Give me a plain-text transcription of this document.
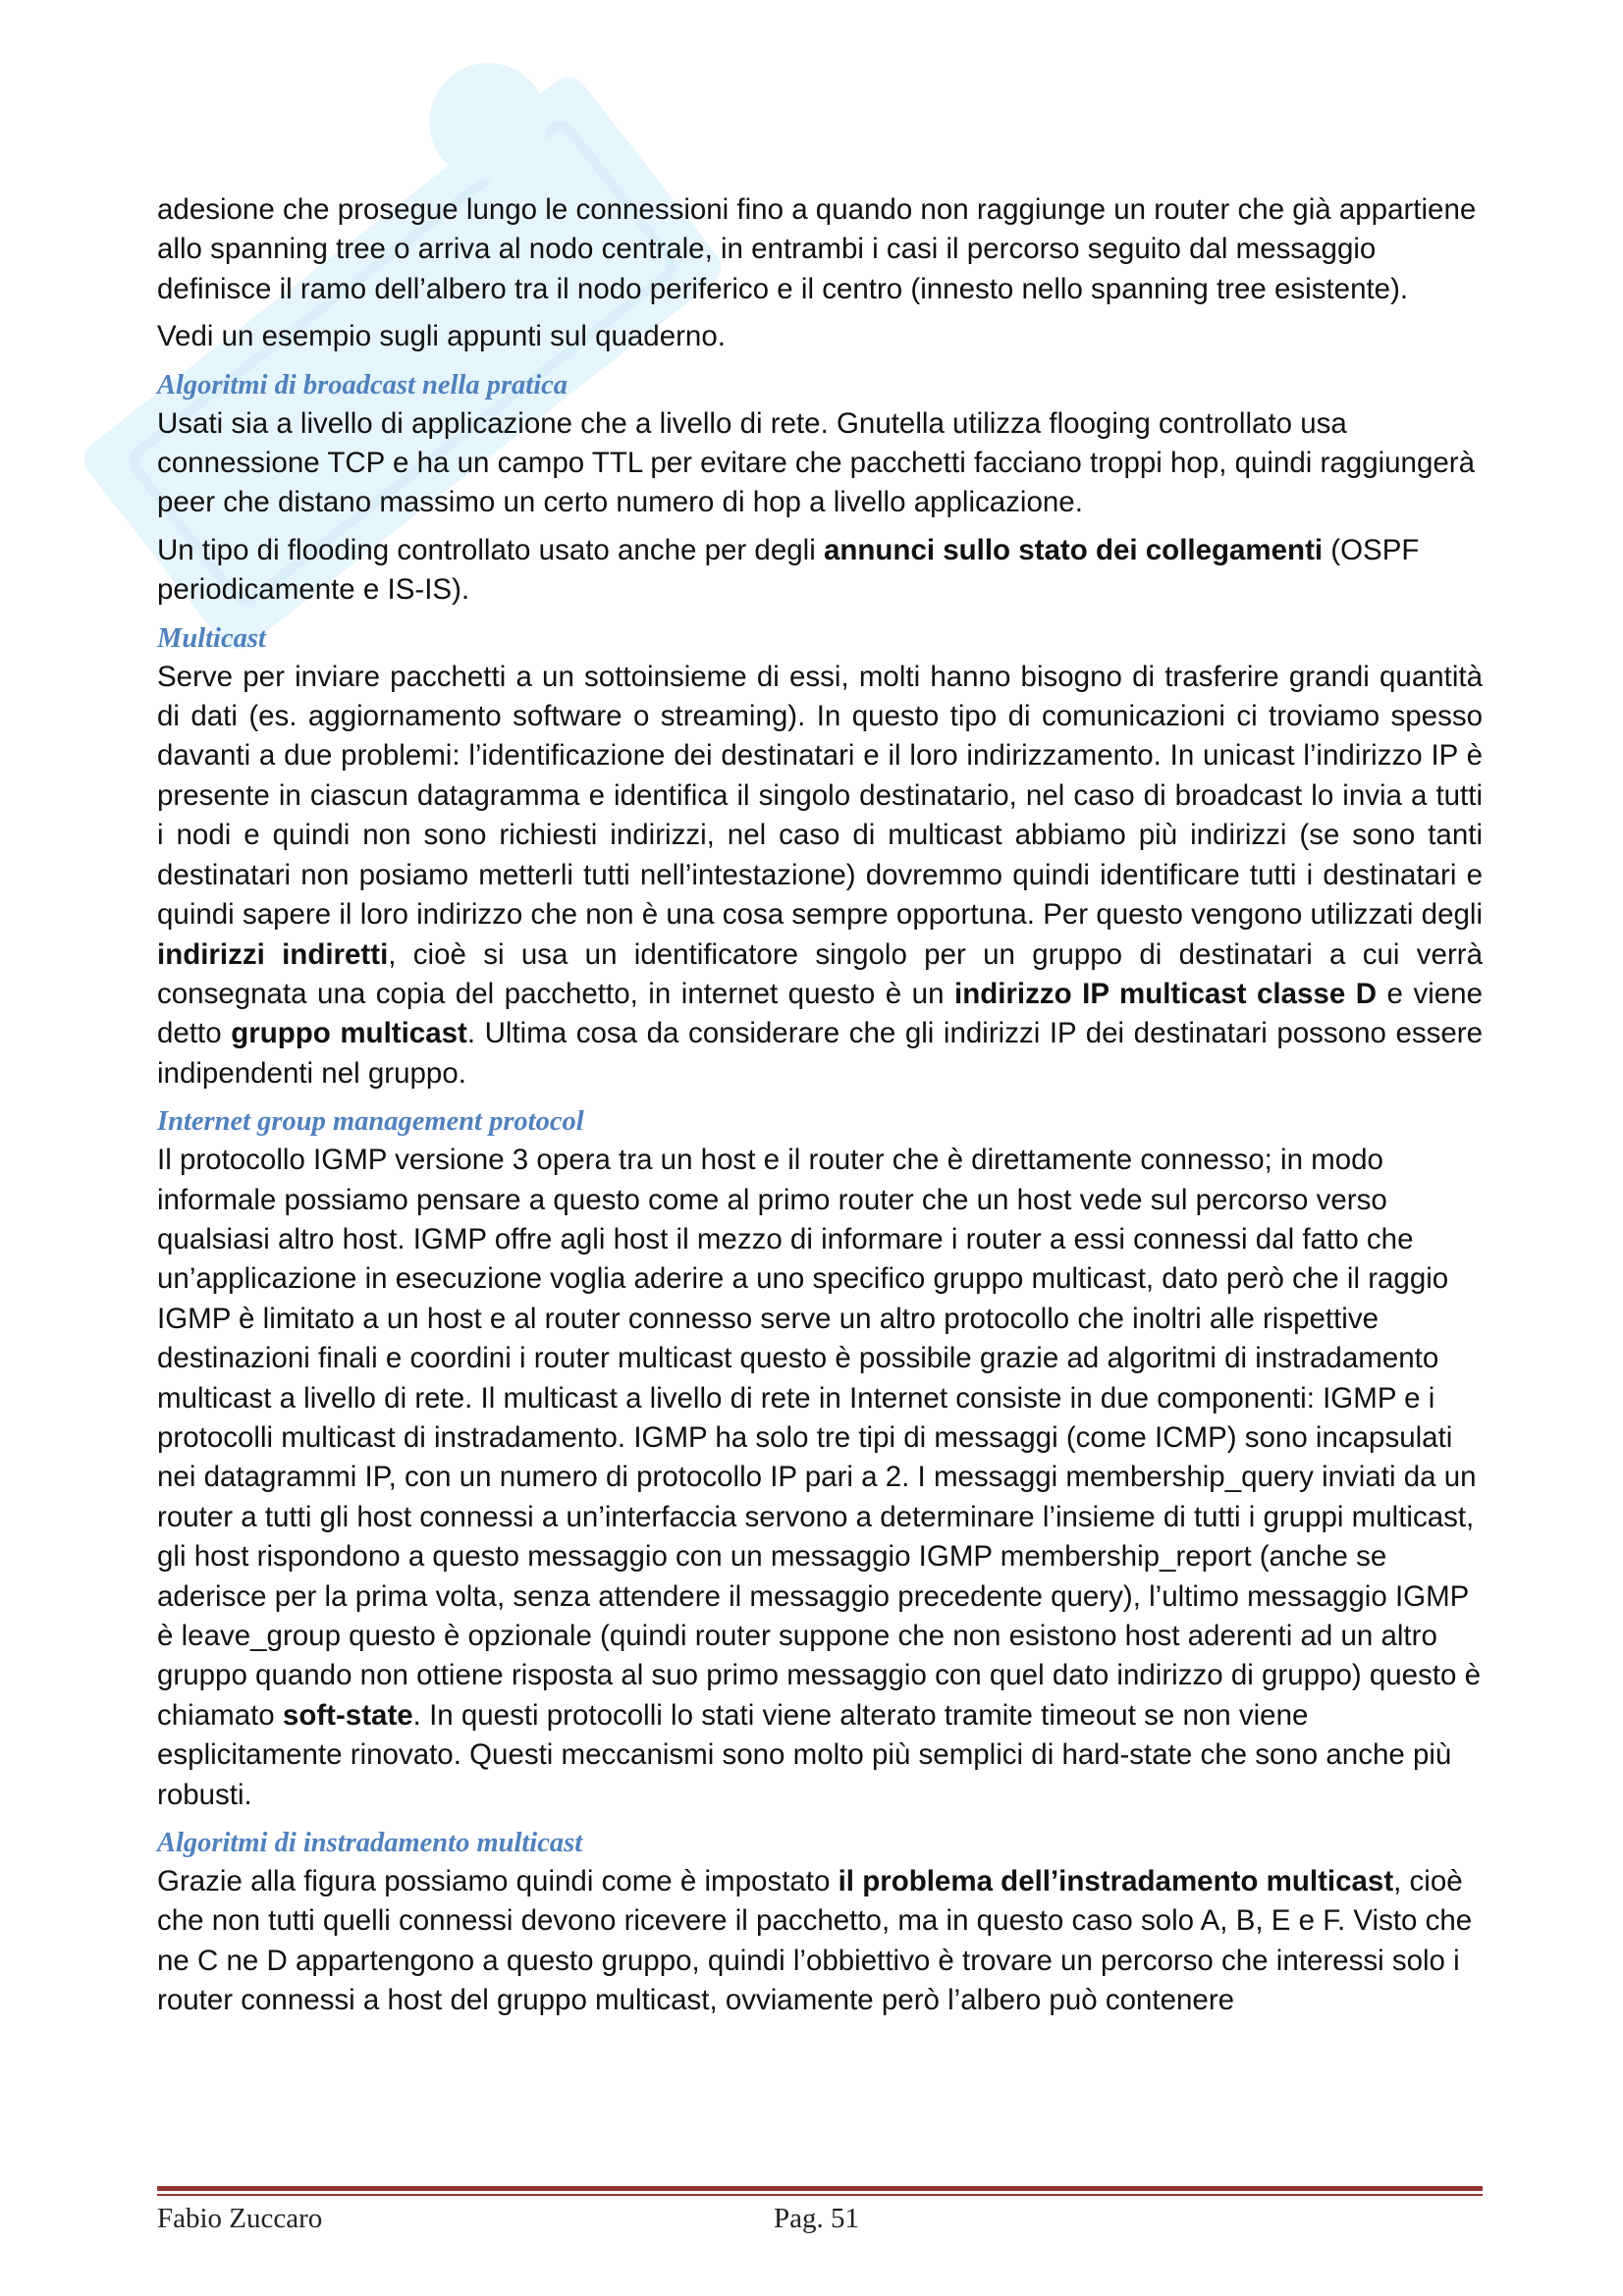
adesione che prosegue lungo le connessioni fino a quando non raggiunge un router che già appartiene allo spanning tree o arriva al nodo centrale, in entrambi i casi il percorso seguito dal messaggio definisce il ramo dell’albero tra il nodo periferico e il centro (innesto nello spanning tree esistente).

Vedi un esempio sugli appunti sul quaderno.

Algoritmi di broadcast nella pratica

Usati sia a livello di applicazione che a livello di rete. Gnutella utilizza flooging controllato usa connessione TCP e ha un campo TTL per evitare che pacchetti facciano troppi hop, quindi raggiungerà peer che distano massimo un certo numero di hop a livello applicazione.

Un tipo di flooding controllato usato anche per degli annunci sullo stato dei collegamenti (OSPF periodicamente e IS-IS).

Multicast

Serve per inviare pacchetti a un sottoinsieme di essi, molti hanno bisogno di trasferire grandi quantità di dati (es. aggiornamento software o streaming). In questo tipo di comunicazioni ci troviamo spesso davanti a due problemi: l’identificazione dei destinatari e il loro indirizzamento. In unicast l’indirizzo IP è presente in ciascun datagramma e identifica il singolo destinatario, nel caso di broadcast lo invia a tutti i nodi e quindi non sono richiesti indirizzi, nel caso di multicast abbiamo più indirizzi (se sono tanti destinatari non posiamo metterli tutti nell’intestazione) dovremmo quindi identificare tutti i destinatari e quindi sapere il loro indirizzo che non è una cosa sempre opportuna. Per questo vengono utilizzati degli indirizzi indiretti, cioè si usa un identificatore singolo per un gruppo di destinatari a cui verrà consegnata una copia del pacchetto, in internet questo è un indirizzo IP multicast classe D e viene detto gruppo multicast. Ultima cosa da considerare che gli indirizzi IP dei destinatari possono essere indipendenti nel gruppo.

Internet group management protocol

Il protocollo IGMP versione 3 opera tra un host e il router che è direttamente connesso; in modo informale possiamo pensare a questo come al primo router che un host vede sul percorso verso qualsiasi altro host. IGMP offre agli host il mezzo di informare i router a essi connessi dal fatto che un’applicazione in esecuzione voglia aderire a uno specifico gruppo multicast, dato però che il raggio IGMP è limitato a un host e al router connesso serve un altro protocollo che inoltri alle rispettive destinazioni finali e coordini i router multicast questo è possibile grazie ad algoritmi di instradamento multicast a livello di rete. Il multicast a livello di rete in Internet consiste in due componenti: IGMP e i protocolli multicast di instradamento. IGMP ha solo tre tipi di messaggi (come ICMP) sono incapsulati nei datagrammi IP, con un numero di protocollo IP pari a 2. I messaggi membership_query inviati da un router a tutti gli host connessi a un’interfaccia servono a determinare l’insieme di tutti i gruppi multicast, gli host rispondono a questo messaggio con un messaggio IGMP membership_report (anche se aderisce per la prima volta, senza attendere il messaggio precedente query), l’ultimo messaggio IGMP è leave_group questo è opzionale (quindi router suppone che non esistono host aderenti ad un altro gruppo quando non ottiene risposta al suo primo messaggio con quel dato indirizzo di gruppo) questo è chiamato soft-state. In questi protocolli lo stati viene alterato tramite timeout se non viene esplicitamente rinovato. Questi meccanismi sono molto più semplici di hard-state che sono anche più robusti.

Algoritmi di instradamento multicast

Grazie alla figura possiamo quindi come è impostato il problema dell’instradamento multicast, cioè che non tutti quelli connessi devono ricevere il pacchetto, ma in questo caso solo A, B, E e F. Visto che ne C ne D appartengono a questo gruppo, quindi l’obbiettivo è trovare un percorso che interessi solo i router connessi a host del gruppo multicast, ovviamente però l’albero può contenere

Fabio Zuccaro	Pag. 51
